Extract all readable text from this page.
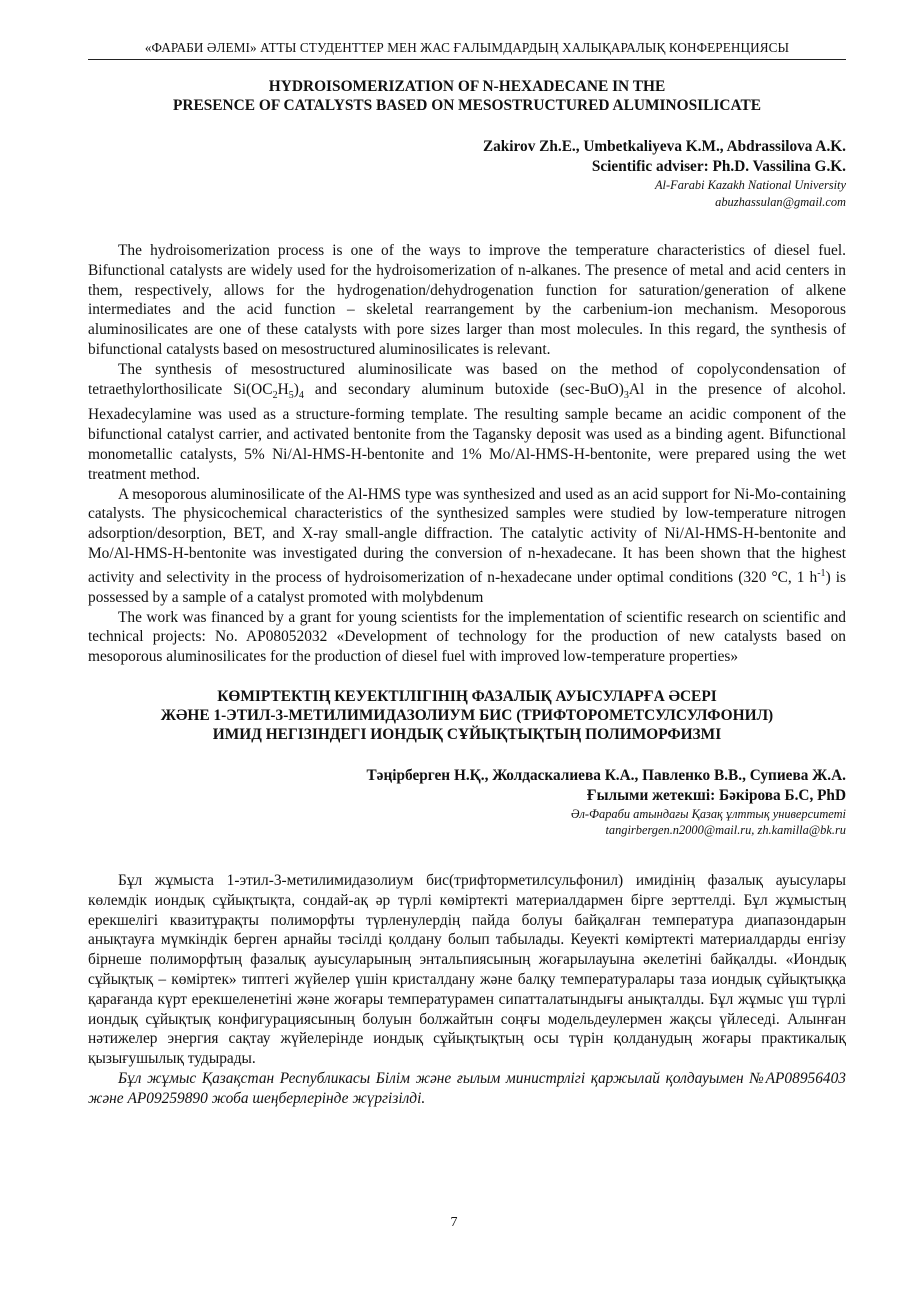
«ФАРАБИ ӘЛЕМІ» АТТЫ СТУДЕНТТЕР МЕН ЖАС ҒАЛЫМДАРДЫҢ ХАЛЫҚАРАЛЫҚ КОНФЕРЕНЦИЯСЫ
HYDROISOMERIZATION OF N-HEXADECANE IN THE
PRESENCE OF CATALYSTS BASED ON MESOSTRUCTURED ALUMINOSILICATE
Zakirov Zh.E., Umbetkaliyeva K.M., Abdrassilova A.K.
Scientific adviser: Ph.D. Vassilina G.K.
Al-Farabi Kazakh National University
abuzhassulan@gmail.com

The hydroisomerization process is one of the ways to improve the temperature characteristics of diesel fuel. Bifunctional catalysts are widely used for the hydroisomerization of n-alkanes. The presence of metal and acid centers in them, respectively, allows for the hydrogenation/dehydrogenation function for saturation/generation of alkene intermediates and the acid function – skeletal rearrangement by the carbenium-ion mechanism. Mesoporous aluminosilicates are one of these catalysts with pore sizes larger than most molecules. In this regard, the synthesis of bifunctional catalysts based on mesostructured aluminosilicates is relevant.

The synthesis of mesostructured aluminosilicate was based on the method of copolycondensation of tetraethylorthosilicate $Si(OC_2H_5)_4$ and secondary aluminum butoxide $(\sec-BuO)_3Al$ in the presence of alcohol. Hexadecylamine was used as a structure-forming template. The resulting sample became an acidic component of the bifunctional catalyst carrier, and activated bentonite from the Tagansky deposit was used as a binding agent. Bifunctional monometallic catalysts, 5% Ni/Al-HMS-H-bentonite and 1% Mo/Al-HMS-H-bentonite, were prepared using the wet treatment method.

A mesoporous aluminosilicate of the Al-HMS type was synthesized and used as an acid support for Ni-Mo-containing catalysts. The physicochemical characteristics of the synthesized samples were studied by low-temperature nitrogen adsorption/desorption, BET, and X-ray small-angle diffraction. The catalytic activity of Ni/Al-HMS-H-bentonite and Mo/Al-HMS-H-bentonite was investigated during the conversion of n-hexadecane. It has been shown that the highest activity and selectivity in the process of hydroisomerization of n-hexadecane under optimal conditions (320 °C, 1 $h^{-1}$) is possessed by a sample of a catalyst promoted with molybdenum

The work was financed by a grant for young scientists for the implementation of scientific research on scientific and technical projects: No. AP08052032 «Development of technology for the production of new catalysts based on mesoporous aluminosilicates for the production of diesel fuel with improved low-temperature properties»

КӨМІРТЕКТІҢ КЕУЕКТІЛІГІНІҢ ФАЗАЛЫҚ АУЫСУЛАРҒА ӘСЕРІ
ЖӘНЕ 1-ЭТИЛ-3-МЕТИЛИМИДАЗОЛИУМ БИС (ТРИФТОРОМЕТСУЛСУЛФОНИЛ)
ИМИД НЕГІЗІНДЕГІ ИОНДЫҚ СҰЙЫҚТЫҚТЫҢ ПОЛИМОРФИЗМІ
Тәңірберген Н.Қ., Жолдаскалиева К.А., Павленко В.В., Супиева Ж.А.
Ғылыми жетекші: Бәкірова Б.С, PhD
Әл-Фараби атындағы Қазақ ұлттық университеті
tangirbergen.n2000@mail.ru, zh.kamilla@bk.ru

Бұл жұмыста 1-этил-3-метилимидазолиум бис(трифторметилсульфонил) имидінің фазалық ауысулары көлемдік иондық сұйықтықта, сондай-ақ әр түрлі көміртекті материалдармен бірге зерттелді. Бұл жұмыстың ерекшелігі квазитұрақты полиморфты түрленулердің пайда болуы байқалған температура диапазондарын анықтауға мүмкіндік берген арнайы тәсілді қолдану болып табылады. Кеуекті көміртекті материалдарды енгізу бірнеше полиморфтың фазалық ауысуларының энтальпиясының жоғарылауына әкелетіні байқалды. «Иондық сұйықтық – көміртек» типтегі жүйелер үшін кристалдану және балқу температуралары таза иондық сұйықтыққа қарағанда күрт ерекшеленетіні және жоғары температурамен сипатталатындығы анықталды. Бұл жұмыс үш түрлі иондық сұйықтық конфигурациясының болуын болжайтын соңғы модельдеулермен жақсы үйлеседі. Алынған нәтижелер энергия сақтау жүйелерінде иондық сұйықтықтың осы түрін қолданудың жоғары практикалық қызығушылық тудырады.

Бұл жұмыс Қазақстан Республикасы Білім және ғылым министрлігі қаржылай қолдауымен №AP08956403 және AP09259890 жоба шеңберлерінде жүргізілді.

7
